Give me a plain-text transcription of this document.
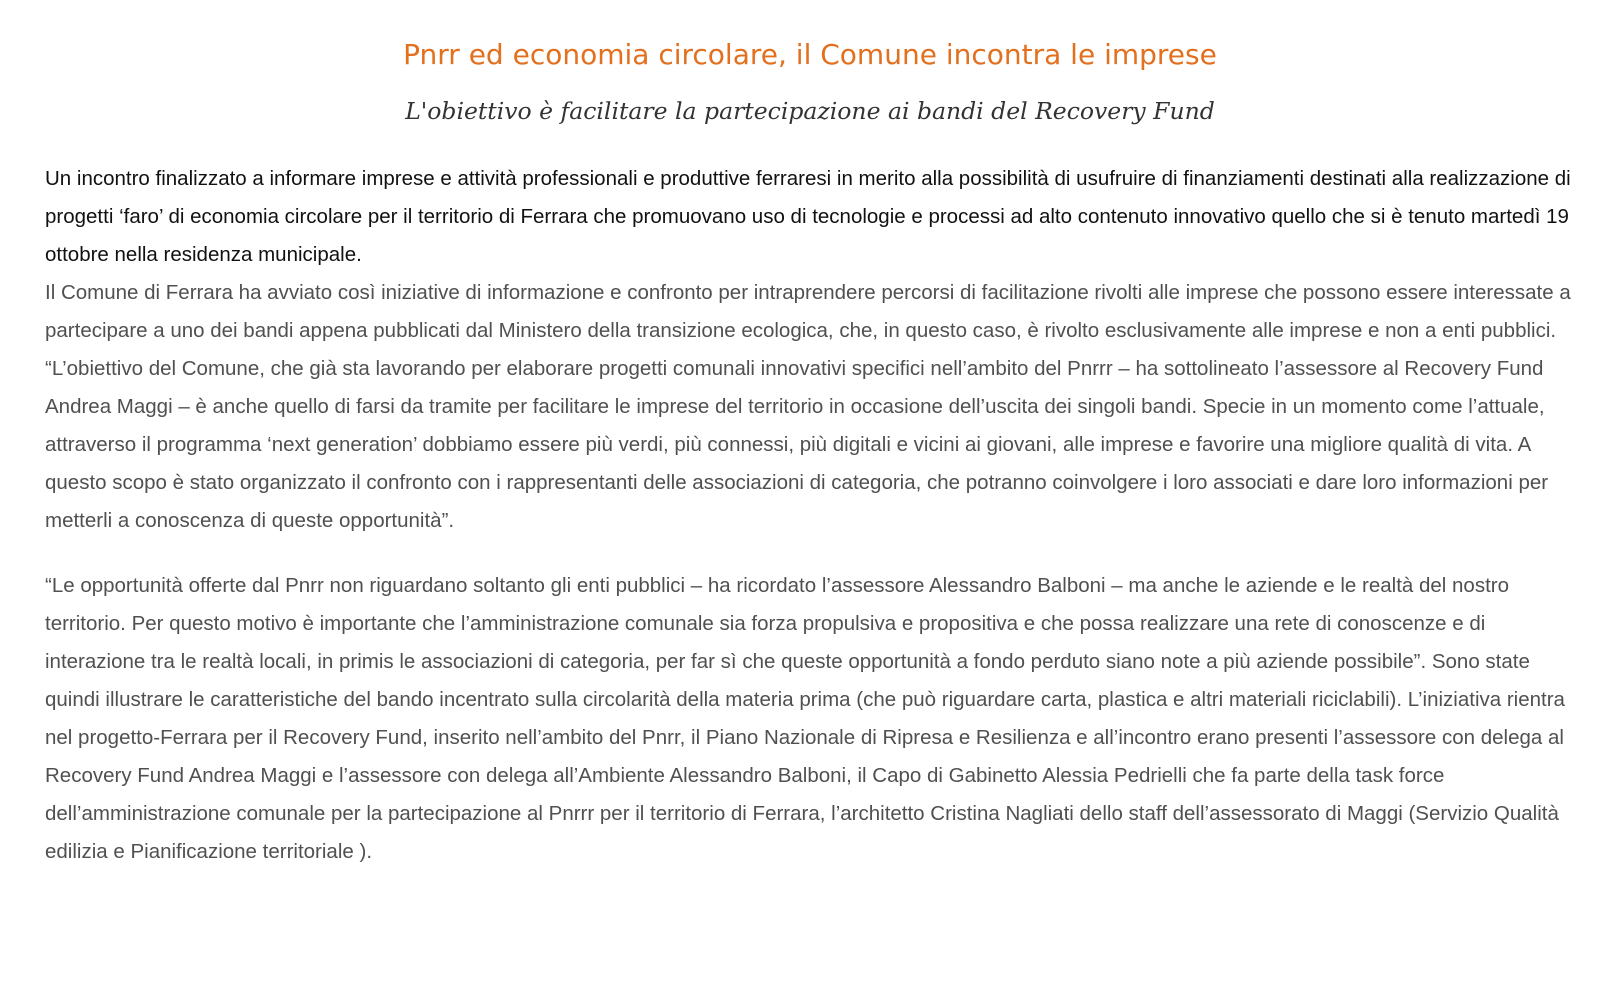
Pnrr ed economia circolare, il Comune incontra le imprese
L'obiettivo è facilitare la partecipazione ai bandi del Recovery Fund

Un incontro finalizzato a informare imprese e attività professionali e produttive ferraresi in merito alla possibilità di usufruire di finanziamenti destinati alla realizzazione di progetti ‘faro’ di economia circolare per il territorio di Ferrara che promuovano uso di tecnologie e processi ad alto contenuto innovativo quello che si è tenuto martedì 19 ottobre nella residenza municipale.

Il Comune di Ferrara ha avviato così iniziative di informazione e confronto per intraprendere percorsi di facilitazione rivolti alle imprese che possono essere interessate a partecipare a uno dei bandi appena pubblicati dal Ministero della transizione ecologica, che, in questo caso, è rivolto esclusivamente alle imprese e non a enti pubblici. “L’obiettivo del Comune, che già sta lavorando per elaborare progetti comunali innovativi specifici nell’ambito del Pnrrr – ha sottolineato l’assessore al Recovery Fund Andrea Maggi – è anche quello di farsi da tramite per facilitare le imprese del territorio in occasione dell’uscita dei singoli bandi. Specie in un momento come l’attuale, attraverso il programma ‘next generation’ dobbiamo essere più verdi, più connessi, più digitali e vicini ai giovani, alle imprese e favorire una migliore qualità di vita. A questo scopo è stato organizzato il confronto con i rappresentanti delle associazioni di categoria, che potranno coinvolgere i loro associati e dare loro informazioni per metterli a conoscenza di queste opportunità”.

“Le opportunità offerte dal Pnrr non riguardano soltanto gli enti pubblici – ha ricordato l’assessore Alessandro Balboni – ma anche le aziende e le realtà del nostro territorio. Per questo motivo è importante che l’amministrazione comunale sia forza propulsiva e propositiva e che possa realizzare una rete di conoscenze e di interazione tra le realtà locali, in primis le associazioni di categoria, per far sì che queste opportunità a fondo perduto siano note a più aziende possibile”. Sono state quindi illustrare le caratteristiche del bando incentrato sulla circolarità della materia prima (che può riguardare carta, plastica e altri materiali riciclabili). L’iniziativa rientra nel progetto-Ferrara per il Recovery Fund, inserito nell’ambito del Pnrr, il Piano Nazionale di Ripresa e Resilienza e all’incontro erano presenti l’assessore con delega al Recovery Fund Andrea Maggi e l’assessore con delega all’Ambiente Alessandro Balboni, il Capo di Gabinetto Alessia Pedrielli che fa parte della task force dell’amministrazione comunale per la partecipazione al Pnrrr per il territorio di Ferrara, l’architetto Cristina Nagliati dello staff dell’assessorato di Maggi (Servizio Qualità edilizia e Pianificazione territoriale ).
